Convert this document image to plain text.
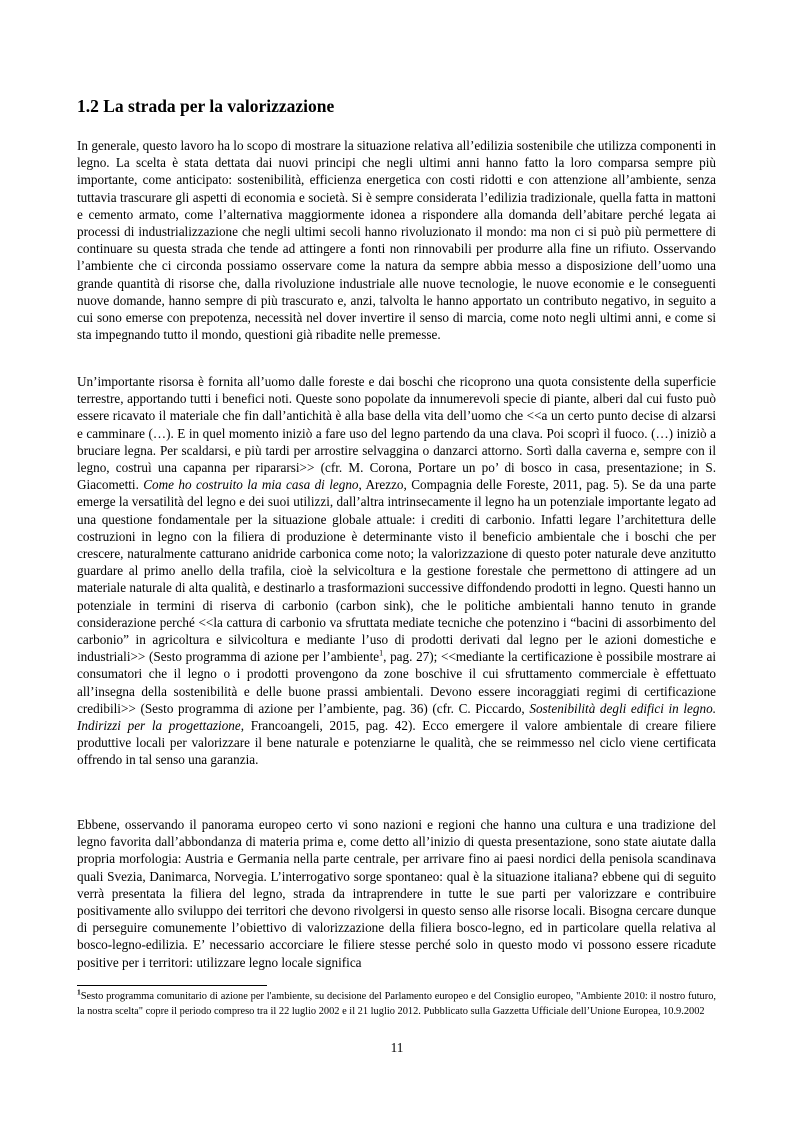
1.2 La strada per la valorizzazione

In generale, questo lavoro ha lo scopo di mostrare la situazione relativa all’edilizia sostenibile che utilizza componenti in legno. La scelta è stata dettata dai nuovi principi che negli ultimi anni hanno fatto la loro comparsa sempre più importante, come anticipato: sostenibilità, efficienza energetica con costi ridotti e con attenzione all’ambiente, senza tuttavia trascurare gli aspetti di economia e società. Si è sempre considerata l’edilizia tradizionale, quella fatta in mattoni e cemento armato, come l’alternativa maggiormente idonea a rispondere alla domanda dell’abitare perché legata ai processi di industrializzazione che negli ultimi secoli hanno rivoluzionato il mondo: ma non ci si può più permettere di continuare su questa strada che tende ad attingere a fonti non rinnovabili per produrre alla fine un rifiuto. Osservando l’ambiente che ci circonda possiamo osservare come la natura da sempre abbia messo a disposizione dell’uomo una grande quantità di risorse che, dalla rivoluzione industriale alle nuove tecnologie, le nuove economie e le conseguenti nuove domande, hanno sempre di più trascurato e, anzi, talvolta le hanno apportato un contributo negativo, in seguito a cui sono emerse con prepotenza, necessità nel dover invertire il senso di marcia, come noto negli ultimi anni, e come si sta impegnando tutto il mondo, questioni già ribadite nelle premesse.

Un’importante risorsa è fornita all’uomo dalle foreste e dai boschi che ricoprono una quota consistente della superficie terrestre, apportando tutti i benefici noti. Queste sono popolate da innumerevoli specie di piante, alberi dal cui fusto può essere ricavato il materiale che fin dall’antichità è alla base della vita dell’uomo che <<a un certo punto decise di alzarsi e camminare (…). E in quel momento iniziò a fare uso del legno partendo da una clava. Poi scoprì il fuoco. (…) iniziò a bruciare legna. Per scaldarsi, e più tardi per arrostire selvaggina o danzarci attorno. Sortì dalla caverna e, sempre con il legno, costruì una capanna per ripararsi>> (cfr. M. Corona, Portare un po’ di bosco in casa, presentazione; in S. Giacometti. Come ho costruito la mia casa di legno, Arezzo, Compagnia delle Foreste, 2011, pag. 5). Se da una parte emerge la versatilità del legno e dei suoi utilizzi, dall’altra intrinsecamente il legno ha un potenziale importante legato ad una questione fondamentale per la situazione globale attuale: i crediti di carbonio. Infatti legare l’architettura delle costruzioni in legno con la filiera di produzione è determinante visto il beneficio ambientale che i boschi che per crescere, naturalmente catturano anidride carbonica come noto; la valorizzazione di questo poter naturale deve anzitutto guardare al primo anello della trafila, cioè la selvicoltura e la gestione forestale che permettono di attingere ad un materiale naturale di alta qualità, e destinarlo a trasformazioni successive diffondendo prodotti in legno. Questi hanno un potenziale in termini di riserva di carbonio (carbon sink), che le politiche ambientali hanno tenuto in grande considerazione perché <<la cattura di carbonio va sfruttata mediate tecniche che potenzino i “bacini di assorbimento del carbonio” in agricoltura e silvicoltura e mediante l’uso di prodotti derivati dal legno per le azioni domestiche e industriali>> (Sesto programma di azione per l’ambiente$^1$, pag. 27); <<mediante la certificazione è possibile mostrare ai consumatori che il legno o i prodotti provengono da zone boschive il cui sfruttamento commerciale è effettuato all’insegna della sostenibilità e delle buone prassi ambientali. Devono essere incoraggiati regimi di certificazione credibili>> (Sesto programma di azione per l’ambiente, pag. 36) (cfr. C. Piccardo, Sostenibilità degli edifici in legno. Indirizzi per la progettazione, Francoangeli, 2015, pag. 42). Ecco emergere il valore ambientale di creare filiere produttive locali per valorizzare il bene naturale e potenziarne le qualità, che se reimmesso nel ciclo viene certificata offrendo in tal senso una garanzia.

Ebbene, osservando il panorama europeo certo vi sono nazioni e regioni che hanno una cultura e una tradizione del legno favorita dall’abbondanza di materia prima e, come detto all’inizio di questa presentazione, sono state aiutate dalla propria morfologia: Austria e Germania nella parte centrale, per arrivare fino ai paesi nordici della penisola scandinava quali Svezia, Danimarca, Norvegia. L’interrogativo sorge spontaneo: qual è la situazione italiana? ebbene qui di seguito verrà presentata la filiera del legno, strada da intraprendere in tutte le sue parti per valorizzare e contribuire positivamente allo sviluppo dei territori che devono rivolgersi in questo senso alle risorse locali. Bisogna cercare dunque di perseguire comunemente l’obiettivo di valorizzazione della filiera bosco-legno, ed in particolare quella relativa al bosco-legno-edilizia. E’ necessario accorciare le filiere stesse perché solo in questo modo vi possono essere ricadute positive per i territori: utilizzare legno locale significa

$^1$Sesto programma comunitario di azione per l'ambiente, su decisione del Parlamento europeo e del Consiglio europeo, "Ambiente 2010: il nostro futuro, la nostra scelta" copre il periodo compreso tra il 22 luglio 2002 e il 21 luglio 2012. Pubblicato sulla Gazzetta Ufficiale dell’Unione Europea, 10.9.2002

11
